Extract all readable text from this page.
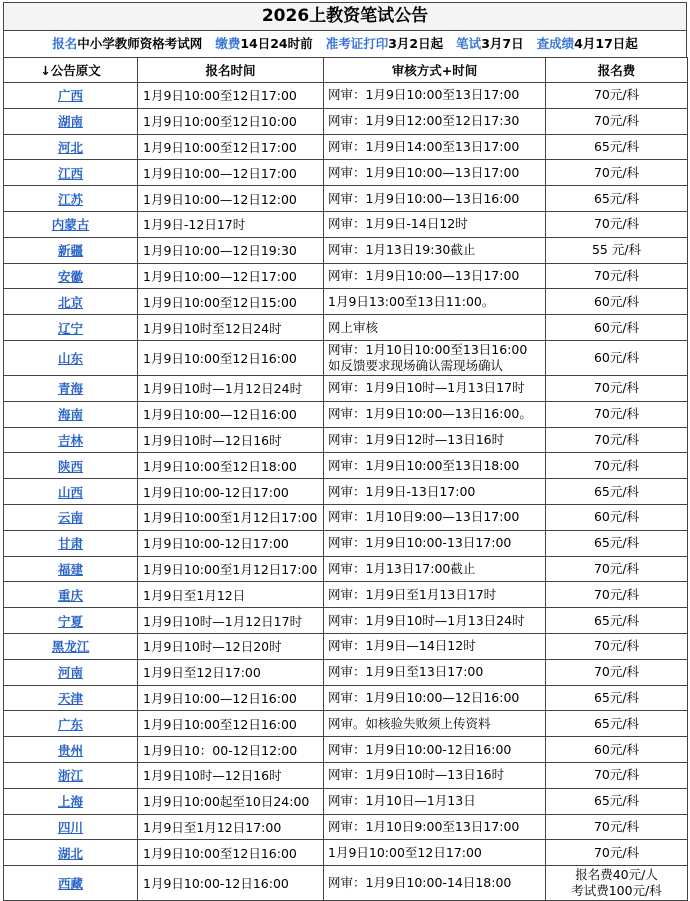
2026上教资笔试公告
报名中小学教师资格考试网 缴费14日24时前 准考证打印3月2日起 笔试3月7日 查成绩4月17日起
↓公告原文	报名时间	审核方式+时间	报名费
广西	1月9日10:00至12日17:00	网审：1月9日10:00至13日17:00	70元/科

湖南	1月9日10:00至12日10:00	网审：1月9日12:00至12日17:30	70元/科

河北	1月9日10:00至12日17:00	网审：1月9日14:00至13日17:00	65元/科

江西	1月9日10:00—12日17:00	网审：1月9日10:00—13日17:00	70元/科

江苏	1月9日10:00—12日12:00	网审：1月9日10:00—13日16:00	65元/科

内蒙古	1月9日-12日17时	网审：1月9日-14日12时	70元/科

新疆	1月9日10:00—12日19:30	网审：1月13日19:30截止	55 元/科

安徽	1月9日10:00—12日17:00	网审：1月9日10:00—13日17:00	70元/科

北京	1月9日10:00至12日15:00	1月9日13:00至13日11:00。	60元/科

辽宁	1月9日10时至12日24时	网上审核	60元/科

山东	1月9日10:00至12日16:00	网审：1月10日10:00至13日16:00
如反馈要求现场确认需现场确认	60元/科

青海	1月9日10时—1月12日24时	网审：1月9日10时—1月13日17时	70元/科

海南	1月9日10:00—12日16:00	网审：1月9日10:00—13日16:00。	70元/科

吉林	1月9日10时—12日16时	网审：1月9日12时—13日16时	70元/科

陕西	1月9日10:00至12日18:00	网审：1月9日10:00至13日18:00	70元/科

山西	1月9日10:00-12日17:00	网审：1月9日-13日17:00	65元/科

云南	1月9日10:00至1月12日17:00	网审：1月10日9:00—13日17:00	60元/科

甘肃	1月9日10:00-12日17:00	网审：1月9日10:00-13日17:00	65元/科

福建	1月9日10:00至1月12日17:00	网审：1月13日17:00截止	70元/科

重庆	1月9日至1月12日	网审：1月9日至1月13日17时	70元/科

宁夏	1月9日10时—1月12日17时	网审：1月9日10时—1月13日24时	65元/科

黑龙江	1月9日10时—12日20时	网审：1月9日—14日12时	70元/科

河南	1月9日至12日17:00	网审：1月9日至13日17:00	70元/科

天津	1月9日10:00—12日16:00	网审：1月9日10:00—12日16:00	65元/科

广东	1月9日10:00至12日16:00	网审。如核验失败须上传资料	65元/科

贵州	1月9日10：00-12日12:00	网审：1月9日10:00-12日16:00	60元/科

浙江	1月9日10时—12日16时	网审：1月9日10时—13日16时	70元/科

上海	1月9日10:00起至10日24:00	网审：1月10日—1月13日	65元/科

四川	1月9日至1月12日17:00	网审：1月10日9:00至13日17:00	70元/科

湖北	1月9日10:00至12日16:00	1月9日10:00至12日17:00	70元/科

西藏	1月9日10:00-12日16:00	网审：1月9日10:00-14日18:00	报名费40元/人
考试费100元/科
